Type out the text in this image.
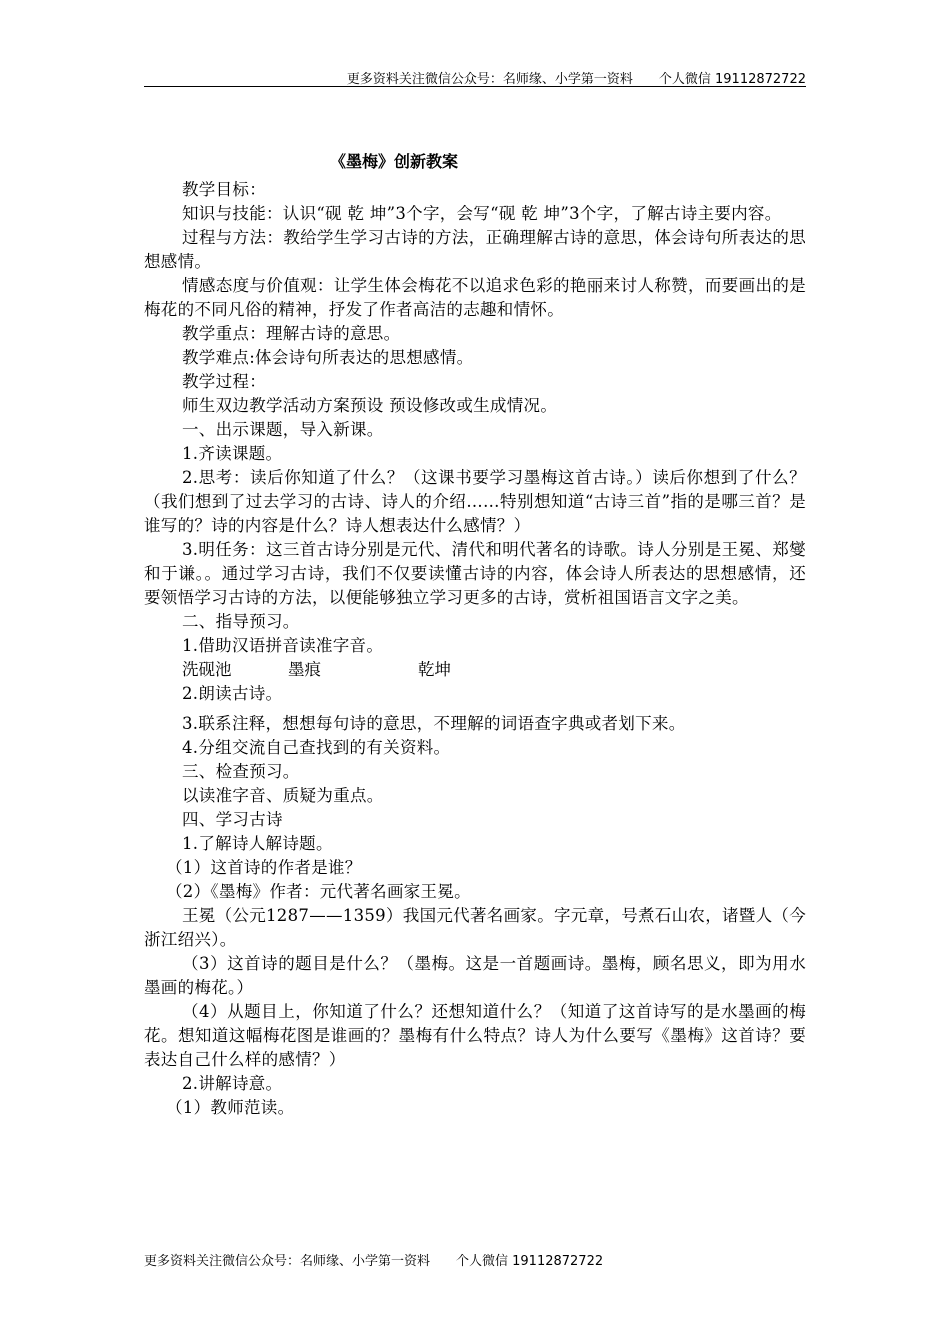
更多资料关注微信公众号：名师缘、小学第一资料　　个人微信 19112872722
《墨梅》创新教案

教学目标：

知识与技能：认识“砚 乾 坤”3个字，会写“砚 乾 坤”3个字，了解古诗主要内容。

过程与方法：教给学生学习古诗的方法，正确理解古诗的意思，体会诗句所表达的思想感情。

情感态度与价值观：让学生体会梅花不以追求色彩的艳丽来讨人称赞，而要画出的是梅花的不同凡俗的精神，抒发了作者高洁的志趣和情怀。

教学重点：理解古诗的意思。

教学难点:体会诗句所表达的思想感情。

教学过程：

师生双边教学活动方案预设 预设修改或生成情况。

一、出示课题，导入新课。

1.齐读课题。

2.思考：读后你知道了什么？（这课书要学习墨梅这首古诗。）读后你想到了什么？（我们想到了过去学习的古诗、诗人的介绍……特别想知道“古诗三首”指的是哪三首？是谁写的？诗的内容是什么？诗人想表达什么感情？）

3.明任务：这三首古诗分别是元代、清代和明代著名的诗歌。诗人分别是王冕、郑燮和于谦。。通过学习古诗，我们不仅要读懂古诗的内容，体会诗人所表达的思想感情，还要领悟学习古诗的方法，以便能够独立学习更多的古诗，赏析祖国语言文字之美。

二、指导预习。

1.借助汉语拼音读准字音。

洗砚池	墨痕	乾坤

2.朗读古诗。

3.联系注释，想想每句诗的意思，不理解的词语查字典或者划下来。

4.分组交流自己查找到的有关资料。

三、检查预习。

以读准字音、质疑为重点。

四、学习古诗

1.了解诗人解诗题。

（1）这首诗的作者是谁？

（2）《墨梅》作者：元代著名画家王冕。

王冕（公元1287——1359）我国元代著名画家。字元章，号煮石山农，诸暨人（今浙江绍兴）。

（3）这首诗的题目是什么？（墨梅。这是一首题画诗。墨梅，顾名思义，即为用水墨画的梅花。）

（4）从题目上，你知道了什么？还想知道什么？（知道了这首诗写的是水墨画的梅花。想知道这幅梅花图是谁画的？墨梅有什么特点？诗人为什么要写《墨梅》这首诗？要表达自己什么样的感情？）

2.讲解诗意。

（1）教师范读。

更多资料关注微信公众号：名师缘、小学第一资料　　个人微信 19112872722
